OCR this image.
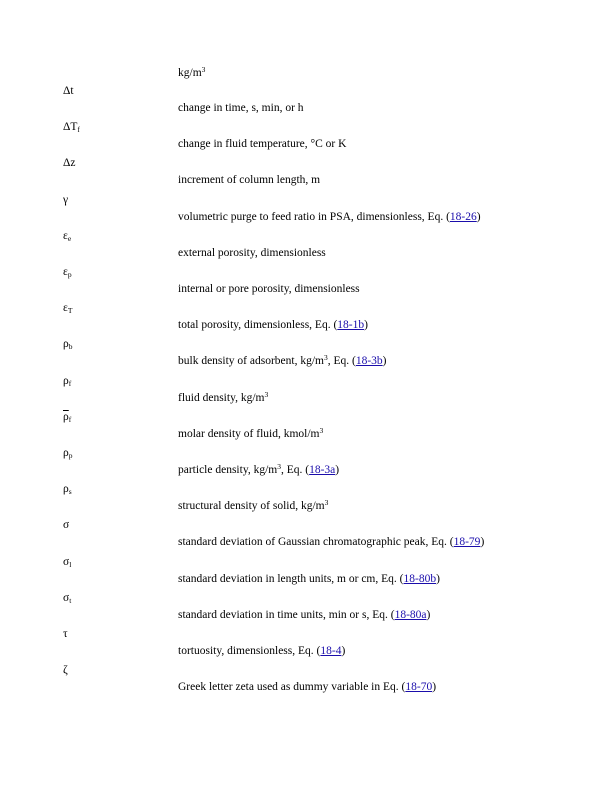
$kg/m^3$
Δt
change in time, s, min, or h
$\Delta T_f$
change in fluid temperature, °C or K
Δz
increment of column length, m
γ
volumetric purge to feed ratio in PSA, dimensionless, Eq. (18-26)
$\varepsilon_e$
external porosity, dimensionless
$\varepsilon_p$
internal or pore porosity, dimensionless
$\varepsilon_T$
total porosity, dimensionless, Eq. (18-1b)
$\rho_b$
bulk density of adsorbent, $kg/m^3$, Eq. (18-3b)
$\rho_f$
fluid density, $kg/m^3$
$\overline{\rho}_f$
molar density of fluid, kmol/$m^3$
$\rho_p$
particle density, $kg/m^3$, Eq. (18-3a)
$\rho_s$
structural density of solid, $kg/m^3$
σ
standard deviation of Gaussian chromatographic peak, Eq. (18-79)
$\sigma_l$
standard deviation in length units, m or cm, Eq. (18-80b)
$\sigma_t$
standard deviation in time units, min or s, Eq. (18-80a)
τ
tortuosity, dimensionless, Eq. (18-4)
ζ
Greek letter zeta used as dummy variable in Eq. (18-70)
